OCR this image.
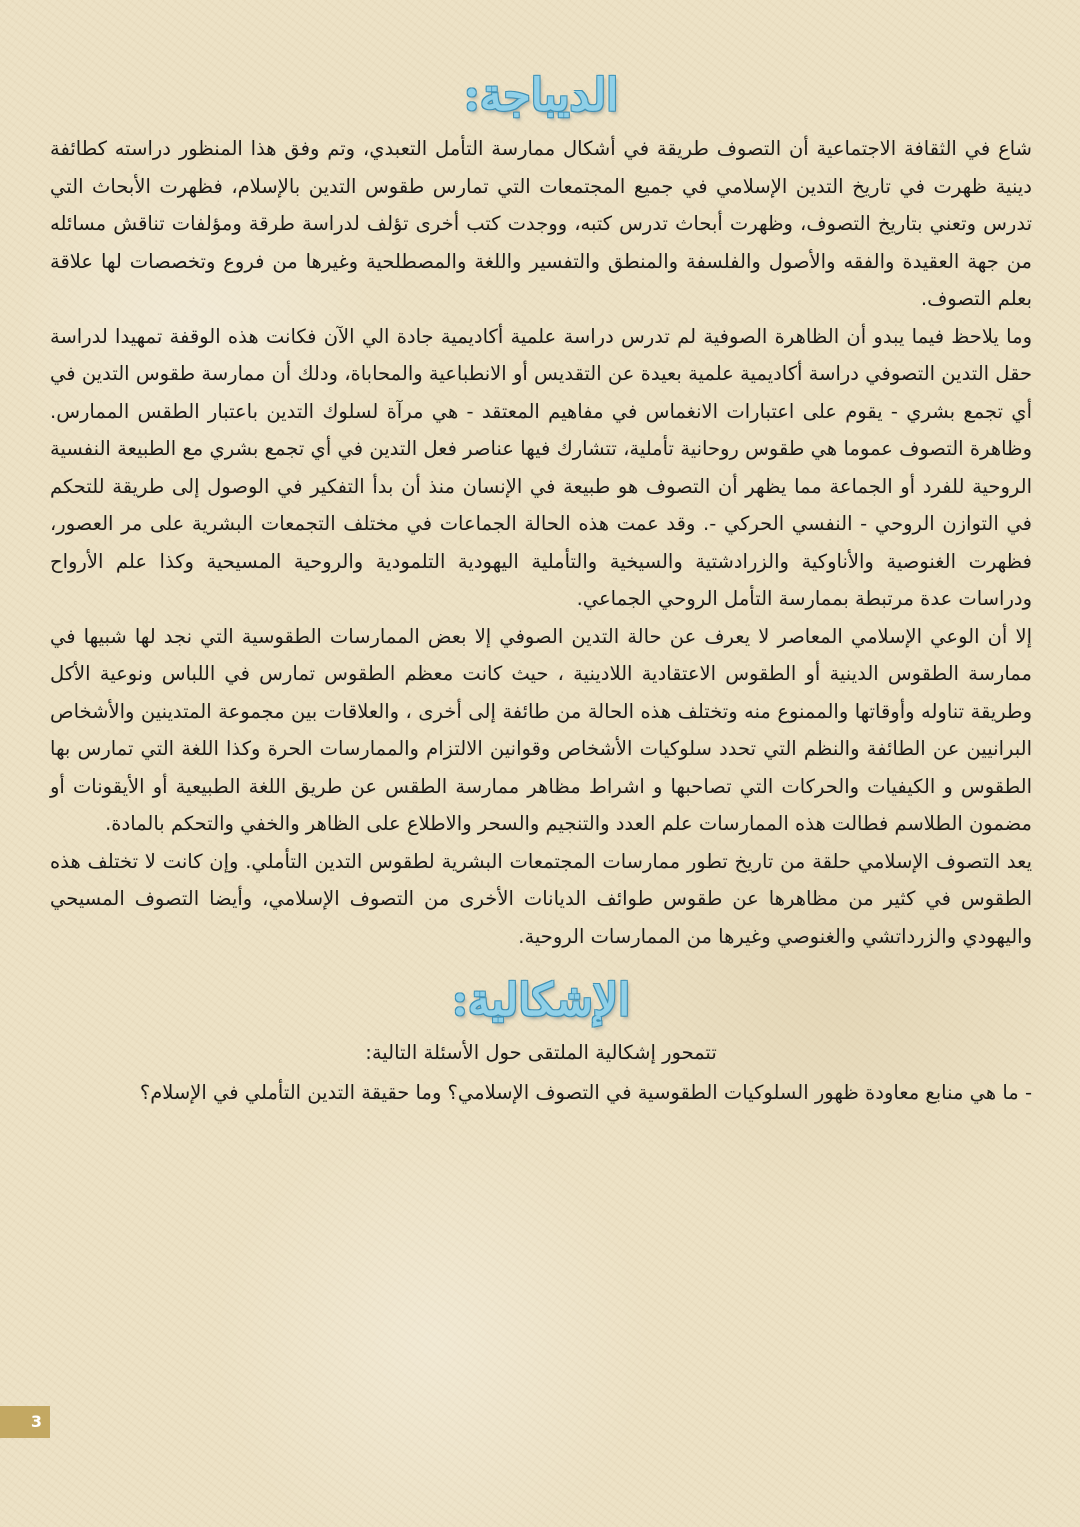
الديباجة:

شاع في الثقافة الاجتماعية أن التصوف طريقة في أشكال ممارسة التأمل التعبدي، وتم وفق هذا المنظور دراسته كطائفة دينية ظهرت في تاريخ التدين الإسلامي في جميع المجتمعات التي تمارس طقوس التدين بالإسلام، فظهرت الأبحاث التي تدرس وتعني بتاريخ التصوف، وظهرت أبحاث تدرس كتبه، ووجدت كتب أخرى تؤلف لدراسة طرقة ومؤلفات تناقش مسائله من جهة العقيدة والفقه والأصول والفلسفة والمنطق والتفسير واللغة والمصطلحية وغيرها من فروع وتخصصات لها علاقة بعلم التصوف.

وما يلاحظ فيما يبدو أن الظاهرة الصوفية لم تدرس دراسة علمية أكاديمية جادة الي الآن فكانت هذه الوقفة تمهيدا لدراسة حقل التدين التصوفي دراسة أكاديمية علمية بعيدة عن التقديس أو الانطباعية والمحاباة، ودلك أن ممارسة طقوس التدين في أي تجمع بشري - يقوم على اعتبارات الانغماس في مفاهيم المعتقد - هي مرآة لسلوك التدين باعتبار الطقس الممارس. وظاهرة التصوف عموما هي طقوس روحانية تأملية، تتشارك فيها عناصر فعل التدين في أي تجمع بشري مع الطبيعة النفسية الروحية للفرد أو الجماعة مما يظهر أن التصوف هو طبيعة في الإنسان منذ أن بدأ التفكير في الوصول إلى طريقة للتحكم في التوازن الروحي - النفسي الحركي -. وقد عمت هذه الحالة الجماعات في مختلف التجمعات البشرية على مر العصور، فظهرت الغنوصية والأناوكية والزرادشتية والسيخية والتأملية اليهودية التلمودية والروحية المسيحية وكذا علم الأرواح ودراسات عدة مرتبطة بممارسة التأمل الروحي الجماعي.

إلا أن الوعي الإسلامي المعاصر لا يعرف عن حالة التدين الصوفي إلا بعض الممارسات الطقوسية التي نجد لها شبيها في ممارسة الطقوس الدينية أو الطقوس الاعتقادية اللادينية ، حيث كانت معظم الطقوس تمارس في اللباس ونوعية الأكل وطريقة تناوله وأوقاتها والممنوع منه وتختلف هذه الحالة من طائفة إلى أخرى ، والعلاقات بين مجموعة المتدينين والأشخاص البرانيين عن الطائفة والنظم التي تحدد سلوكيات الأشخاص وقوانين الالتزام والممارسات الحرة وكذا اللغة التي تمارس بها الطقوس و الكيفيات والحركات التي تصاحبها و اشراط مظاهر ممارسة الطقس عن طريق اللغة الطبيعية أو الأيقونات أو مضمون الطلاسم فطالت هذه الممارسات علم العدد والتنجيم والسحر والاطلاع على الظاهر والخفي والتحكم بالمادة.

يعد التصوف الإسلامي حلقة من تاريخ تطور ممارسات المجتمعات البشرية لطقوس التدين التأملي. وإن كانت لا تختلف هذه الطقوس في كثير من مظاهرها عن طقوس طوائف الديانات الأخرى من التصوف الإسلامي، وأيضا التصوف المسيحي واليهودي والزرداتشي والغنوصي وغيرها من الممارسات الروحية.

الإشكالية:

تتمحور إشكالية الملتقى حول الأسئلة التالية:

- ما هي منابع معاودة ظهور السلوكيات الطقوسية في التصوف الإسلامي؟ وما حقيقة التدين التأملي في الإسلام؟

3
